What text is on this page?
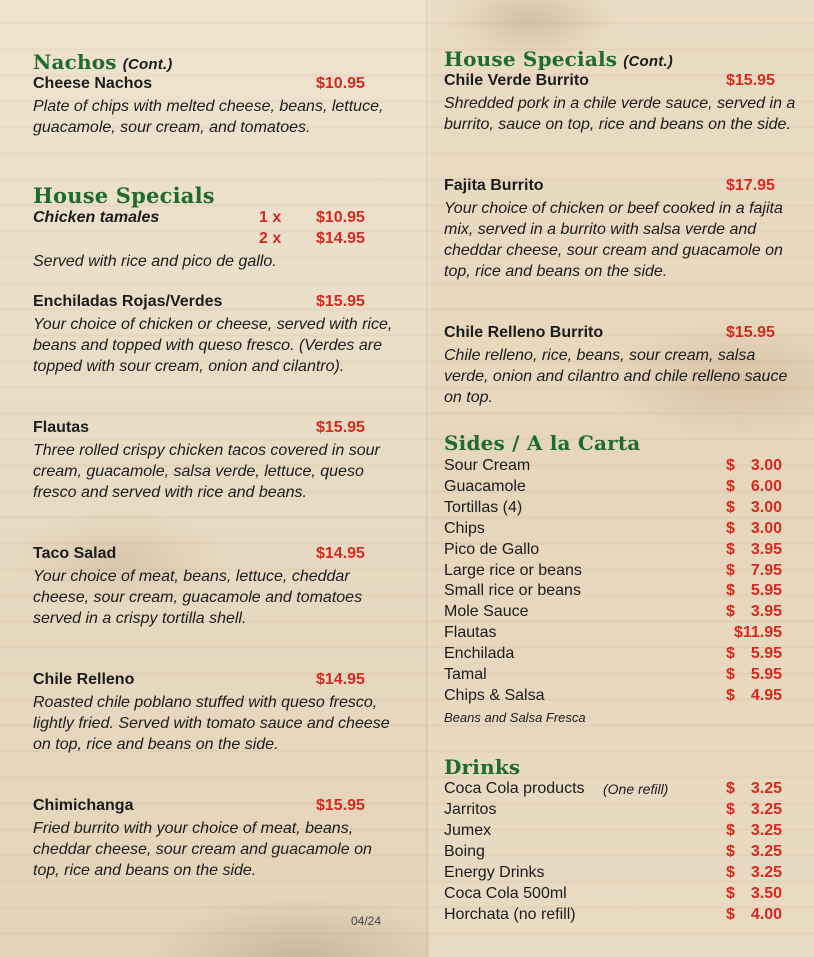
Nachos (Cont.)
Cheese Nachos	$10.95
Plate of chips with melted cheese, beans, lettuce, guacamole, sour cream, and tomatoes.
House Specials
Chicken tamales	1 x $10.95
2 x $14.95
Served with rice and pico de gallo.
Enchiladas Rojas/Verdes	$15.95
Your choice of chicken or cheese, served with rice, beans and topped with queso fresco. (Verdes are topped with sour cream, onion and cilantro).
Flautas	$15.95
Three rolled crispy chicken tacos covered in sour cream, guacamole, salsa verde, lettuce, queso fresco and served with rice and beans.
Taco Salad	$14.95
Your choice of meat, beans, lettuce, cheddar cheese, sour cream, guacamole and tomatoes served in a crispy tortilla shell.
Chile Relleno	$14.95
Roasted chile poblano stuffed with queso fresco, lightly fried. Served with tomato sauce and cheese on top, rice and beans on the side.
Chimichanga	$15.95
Fried burrito with your choice of meat, beans, cheddar cheese, sour cream and guacamole on top, rice and beans on the side.
04/24
House Specials (Cont.)
Chile Verde Burrito	$15.95
Shredded pork in a chile verde sauce, served in a burrito, sauce on top, rice and beans on the side.
Fajita Burrito	$17.95
Your choice of chicken or beef cooked in a fajita mix, served in a burrito with salsa verde and cheddar cheese, sour cream and guacamole on top, rice and beans on the side.
Chile Relleno Burrito	$15.95
Chile relleno, rice, beans, sour cream, salsa verde, onion and cilantro and chile relleno sauce on top.
Sides / A la Carta
Sour Cream	$ 3.00
Guacamole	$ 6.00
Tortillas (4)	$ 3.00
Chips	$ 3.00
Pico de Gallo	$ 3.95
Large rice or beans	$ 7.95
Small rice or beans	$ 5.95
Mole Sauce	$ 3.95
Flautas	$11.95
Enchilada	$ 5.95
Tamal	$ 5.95
Chips & Salsa	$ 4.95
Beans and Salsa Fresca
Drinks
Coca Cola products (One refill)	$ 3.25
Jarritos	$ 3.25
Jumex	$ 3.25
Boing	$ 3.25
Energy Drinks	$ 3.25
Coca Cola 500ml	$ 3.50
Horchata (no refill)	$ 4.00
